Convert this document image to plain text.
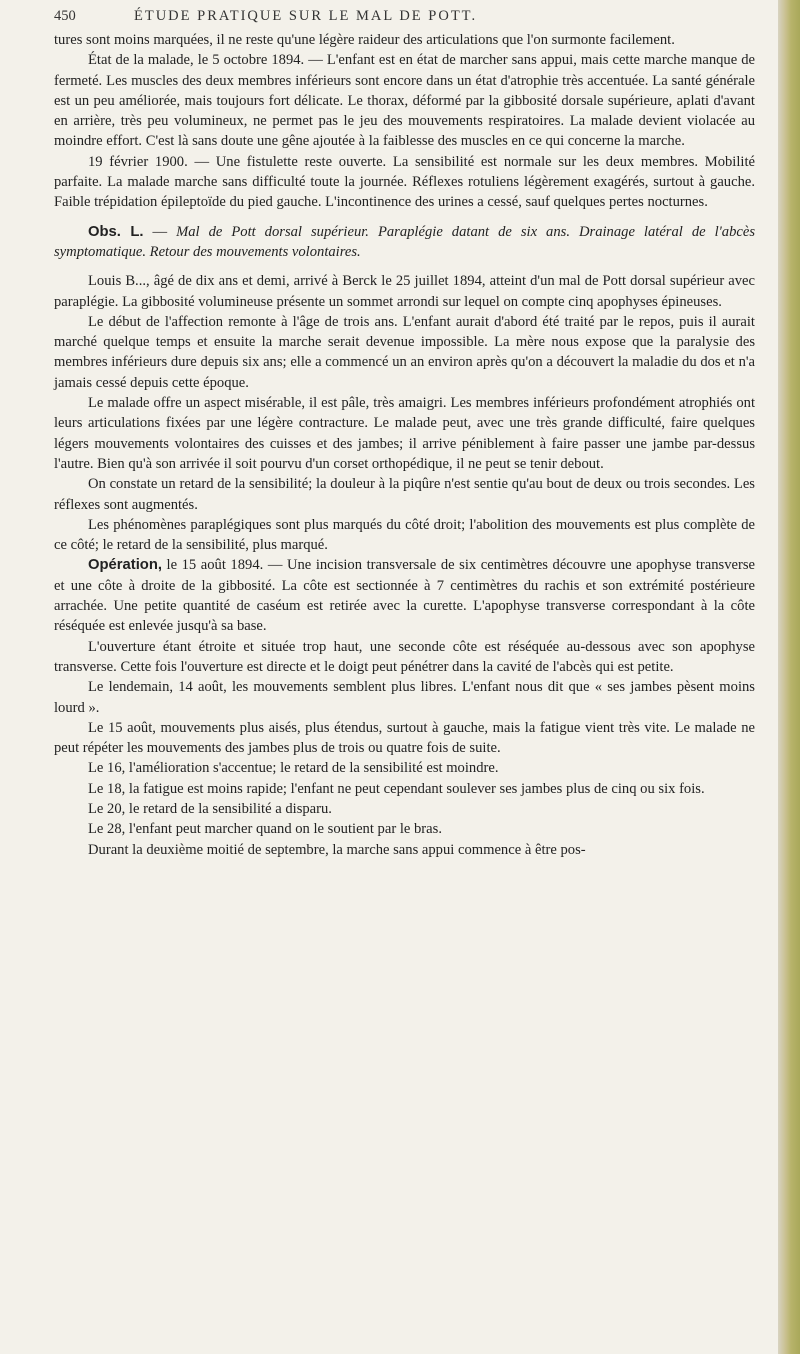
450	ÉTUDE PRATIQUE SUR LE MAL DE POTT.

tures sont moins marquées, il ne reste qu'une légère raideur des articulations que l'on surmonte facilement.

État de la malade, le 5 octobre 1894. — L'enfant est en état de marcher sans appui, mais cette marche manque de fermeté. Les muscles des deux membres inférieurs sont encore dans un état d'atrophie très accentuée. La santé générale est un peu améliorée, mais toujours fort délicate. Le thorax, déformé par la gibbosité dorsale supérieure, aplati d'avant en arrière, très peu volumineux, ne permet pas le jeu des mouvements respiratoires. La malade devient violacée au moindre effort. C'est là sans doute une gêne ajoutée à la faiblesse des muscles en ce qui concerne la marche.

19 février 1900. — Une fistulette reste ouverte. La sensibilité est normale sur les deux membres. Mobilité parfaite. La malade marche sans difficulté toute la journée. Réflexes rotuliens légèrement exagérés, surtout à gauche. Faible trépidation épileptoïde du pied gauche. L'incontinence des urines a cessé, sauf quelques pertes nocturnes.

Obs. L. — Mal de Pott dorsal supérieur. Paraplégie datant de six ans. Drainage latéral de l'abcès symptomatique. Retour des mouvements volontaires.

Louis B..., âgé de dix ans et demi, arrivé à Berck le 25 juillet 1894, atteint d'un mal de Pott dorsal supérieur avec paraplégie. La gibbosité volumineuse présente un sommet arrondi sur lequel on compte cinq apophyses épineuses.

Le début de l'affection remonte à l'âge de trois ans. L'enfant aurait d'abord été traité par le repos, puis il aurait marché quelque temps et ensuite la marche serait devenue impossible. La mère nous expose que la paralysie des membres inférieurs dure depuis six ans; elle a commencé un an environ après qu'on a découvert la maladie du dos et n'a jamais cessé depuis cette époque.

Le malade offre un aspect misérable, il est pâle, très amaigri. Les membres inférieurs profondément atrophiés ont leurs articulations fixées par une légère contracture. Le malade peut, avec une très grande difficulté, faire quelques légers mouvements volontaires des cuisses et des jambes; il arrive péniblement à faire passer une jambe par-dessus l'autre. Bien qu'à son arrivée il soit pourvu d'un corset orthopédique, il ne peut se tenir debout.

On constate un retard de la sensibilité; la douleur à la piqûre n'est sentie qu'au bout de deux ou trois secondes. Les réflexes sont augmentés.

Les phénomènes paraplégiques sont plus marqués du côté droit; l'abolition des mouvements est plus complète de ce côté; le retard de la sensibilité, plus marqué.

Opération, le 15 août 1894. — Une incision transversale de six centimètres découvre une apophyse transverse et une côte à droite de la gibbosité. La côte est sectionnée à 7 centimètres du rachis et son extrémité postérieure arrachée. Une petite quantité de caséum est retirée avec la curette. L'apophyse transverse correspondant à la côte réséquée est enlevée jusqu'à sa base.

L'ouverture étant étroite et située trop haut, une seconde côte est réséquée au-dessous avec son apophyse transverse. Cette fois l'ouverture est directe et le doigt peut pénétrer dans la cavité de l'abcès qui est petite.

Le lendemain, 14 août, les mouvements semblent plus libres. L'enfant nous dit que « ses jambes pèsent moins lourd ».

Le 15 août, mouvements plus aisés, plus étendus, surtout à gauche, mais la fatigue vient très vite. Le malade ne peut répéter les mouvements des jambes plus de trois ou quatre fois de suite.

Le 16, l'amélioration s'accentue; le retard de la sensibilité est moindre.

Le 18, la fatigue est moins rapide; l'enfant ne peut cependant soulever ses jambes plus de cinq ou six fois.

Le 20, le retard de la sensibilité a disparu.

Le 28, l'enfant peut marcher quand on le soutient par le bras.

Durant la deuxième moitié de septembre, la marche sans appui commence à être pos-
